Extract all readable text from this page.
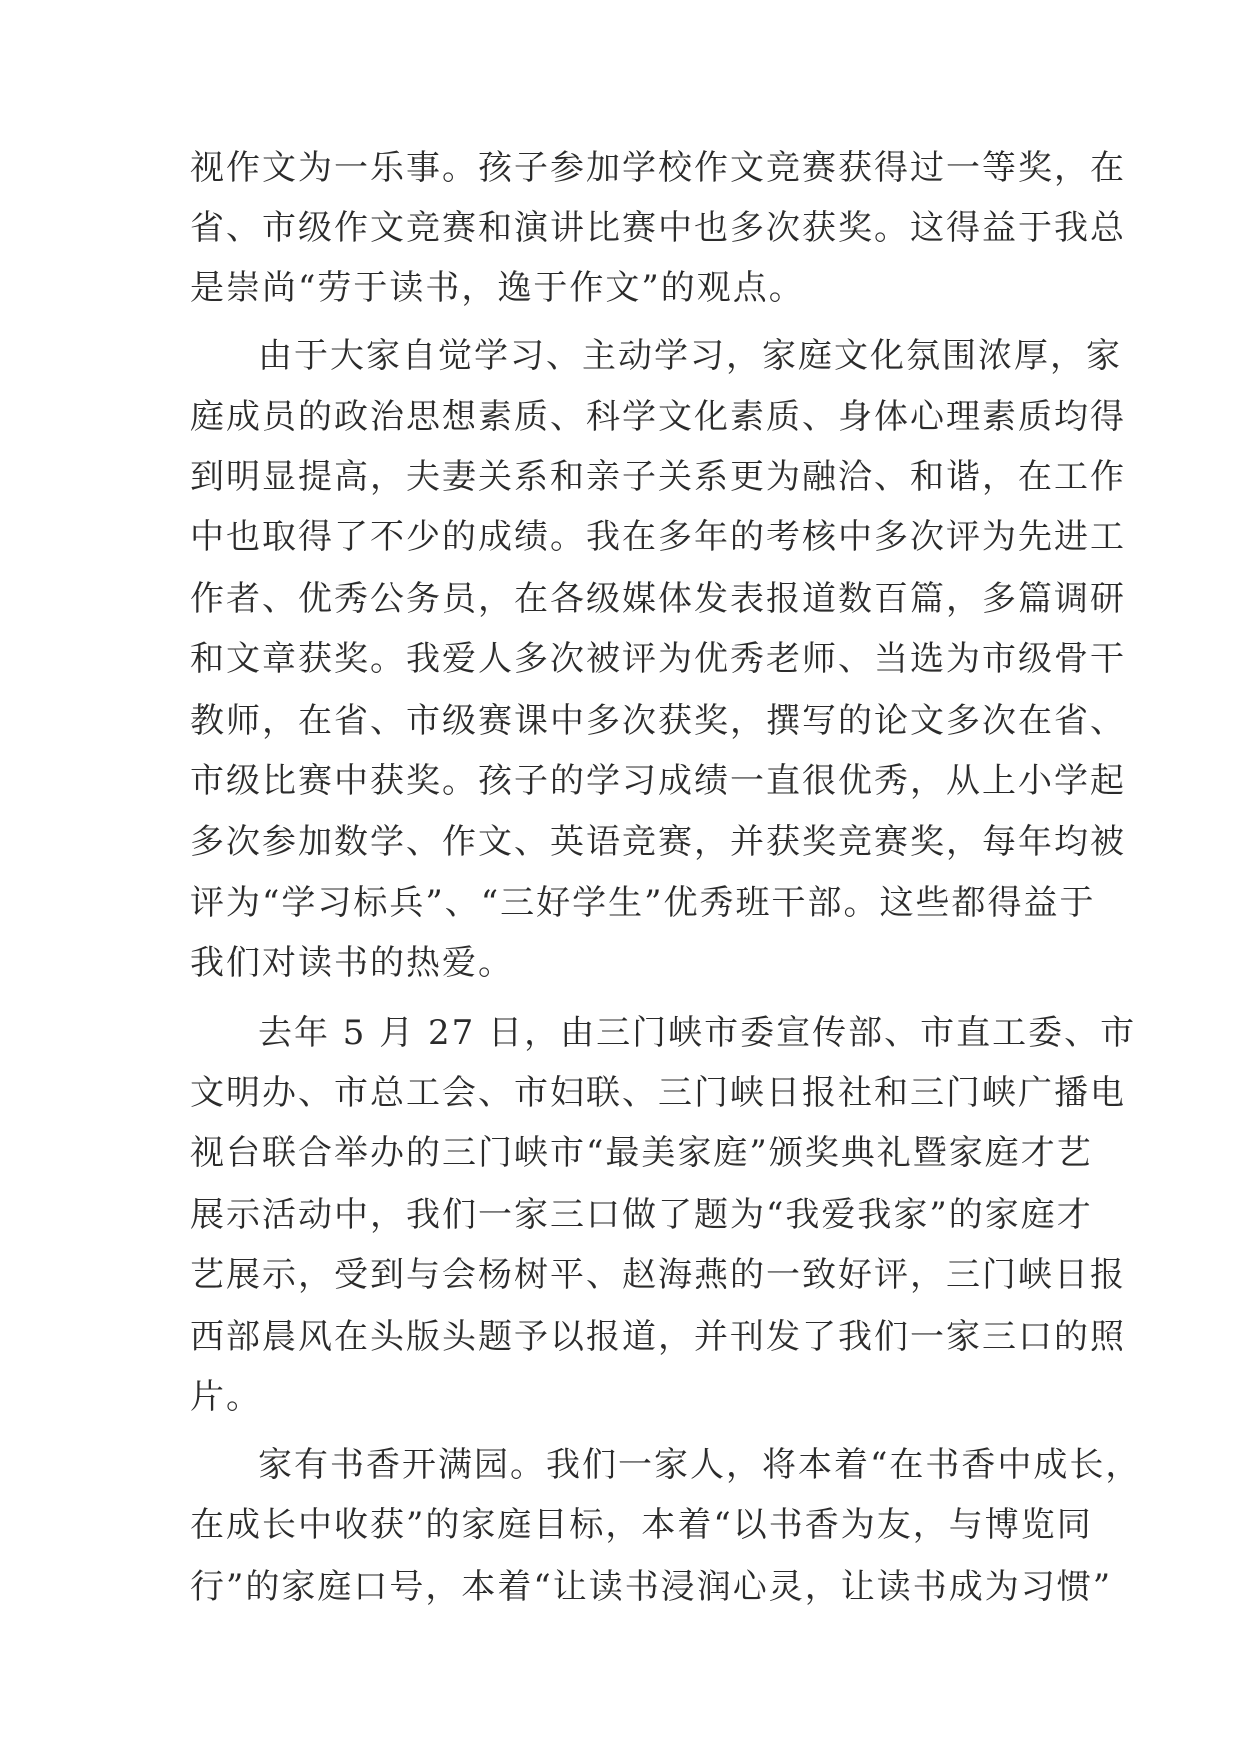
视作文为一乐事。孩子参加学校作文竞赛获得过一等奖，在
省、市级作文竞赛和演讲比赛中也多次获奖。这得益于我总
是崇尚“劳于读书，逸于作文”的观点。
由于大家自觉学习、主动学习，家庭文化氛围浓厚，家
庭成员的政治思想素质、科学文化素质、身体心理素质均得
到明显提高，夫妻关系和亲子关系更为融洽、和谐，在工作
中也取得了不少的成绩。我在多年的考核中多次评为先进工
作者、优秀公务员，在各级媒体发表报道数百篇，多篇调研
和文章获奖。我爱人多次被评为优秀老师、当选为市级骨干
教师，在省、市级赛课中多次获奖，撰写的论文多次在省、
市级比赛中获奖。孩子的学习成绩一直很优秀，从上小学起
多次参加数学、作文、英语竞赛，并获奖竞赛奖，每年均被
评为“学习标兵”、“三好学生”优秀班干部。这些都得益于
我们对读书的热爱。
去年 5 月 27 日，由三门峡市委宣传部、市直工委、市
文明办、市总工会、市妇联、三门峡日报社和三门峡广播电
视台联合举办的三门峡市“最美家庭”颁奖典礼暨家庭才艺
展示活动中，我们一家三口做了题为“我爱我家”的家庭才
艺展示，受到与会杨树平、赵海燕的一致好评，三门峡日报
西部晨风在头版头题予以报道，并刊发了我们一家三口的照
片。
家有书香开满园。我们一家人，将本着“在书香中成长，
在成长中收获”的家庭目标，本着“以书香为友，与博览同
行”的家庭口号，本着“让读书浸润心灵，让读书成为习惯”
